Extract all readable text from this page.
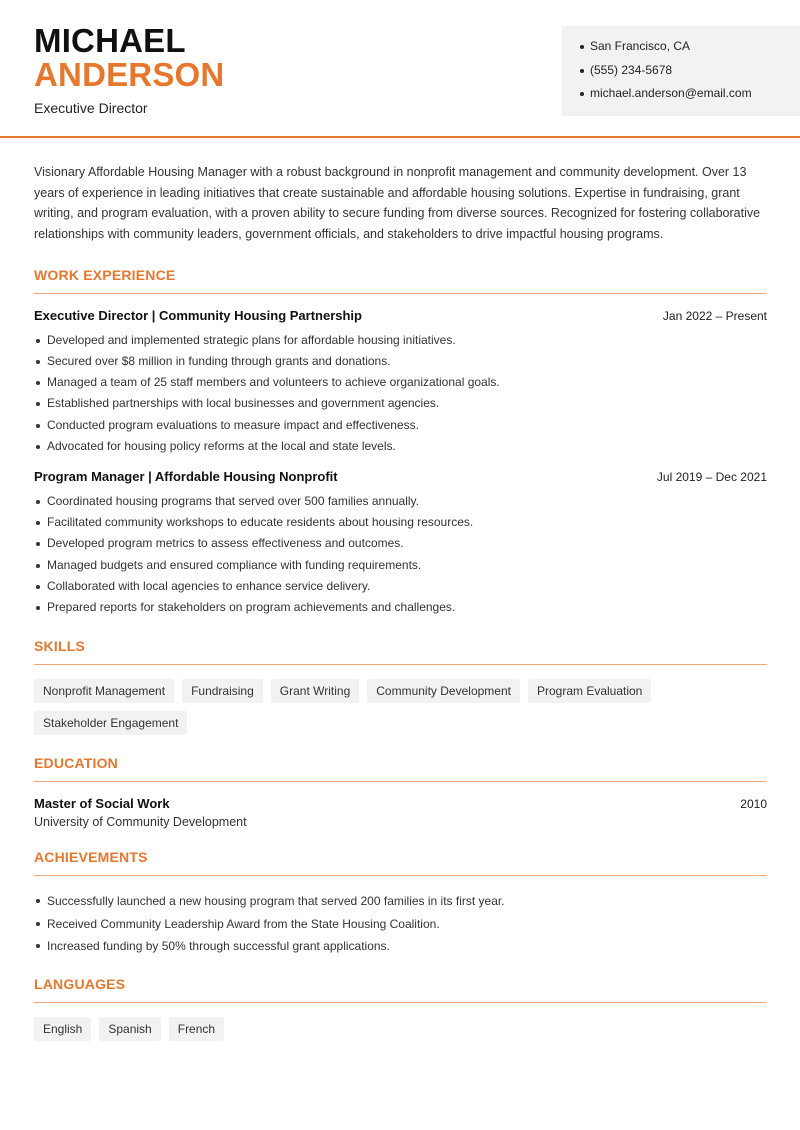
MICHAEL
ANDERSON
Executive Director
San Francisco, CA
(555) 234-5678
michael.anderson@email.com

Visionary Affordable Housing Manager with a robust background in nonprofit management and community development. Over 13 years of experience in leading initiatives that create sustainable and affordable housing solutions. Expertise in fundraising, grant writing, and program evaluation, with a proven ability to secure funding from diverse sources. Recognized for fostering collaborative relationships with community leaders, government officials, and stakeholders to drive impactful housing programs.

WORK EXPERIENCE
Executive Director | Community Housing Partnership	Jan 2022 – Present
Developed and implemented strategic plans for affordable housing initiatives.
Secured over $8 million in funding through grants and donations.
Managed a team of 25 staff members and volunteers to achieve organizational goals.
Established partnerships with local businesses and government agencies.
Conducted program evaluations to measure impact and effectiveness.
Advocated for housing policy reforms at the local and state levels.
Program Manager | Affordable Housing Nonprofit	Jul 2019 – Dec 2021
Coordinated housing programs that served over 500 families annually.
Facilitated community workshops to educate residents about housing resources.
Developed program metrics to assess effectiveness and outcomes.
Managed budgets and ensured compliance with funding requirements.
Collaborated with local agencies to enhance service delivery.
Prepared reports for stakeholders on program achievements and challenges.
SKILLS
Nonprofit Management	Fundraising	Grant Writing	Community Development	Program Evaluation
Stakeholder Engagement
EDUCATION
Master of Social Work	2010
University of Community Development
ACHIEVEMENTS
Successfully launched a new housing program that served 200 families in its first year.
Received Community Leadership Award from the State Housing Coalition.
Increased funding by 50% through successful grant applications.
LANGUAGES
English	Spanish	French
